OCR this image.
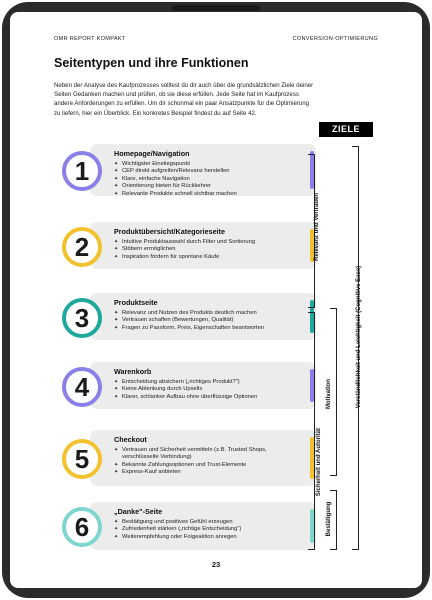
OMR REPORT KOMPAKT	CONVERSION-OPTIMIERUNG
Seitentypen und ihre Funktionen
Neben der Analyse des Kaufprozesses solltest du dir auch über die grundsätzlichen Ziele deiner Seiten Gedanken machen und prüfen, ob sie diese erfüllen. Jede Seite hat im Kaufprozess andere Anforderungen zu erfüllen. Um dir schonmal ein paar Ansatzpunkte für die Optimierung zu liefern, hier ein Überblick. Ein konkretes Beispiel findest du auf Seite 42.
ZIELE
1
Homepage/Navigation
✦ Wichtigster Einstiegspunkt
✦ CEP direkt aufgreifen/Relevanz herstellen
✦ Klare, einfache Navigation
✦ Orientierung bieten für Rückkehrer
✦ Relevante Produkte schnell sichtbar machen
2	Produktübersicht/Kategorieseite
✦ Intuitive Produktauswahl durch Filter und Sortierung
✦ Stöbern ermöglichen
✦ Inspiration fördern für spontane Käufe
3	Produktseite
✦ Relevanz und Nutzen des Produkts deutlich machen
✦ Vertrauen schaffen (Bewertungen, Qualität)
✦ Fragen zu Passform, Preis, Eigenschaften beantworten
4	Warenkorb
✦ Entscheidung absichern („richtiges Produkt?")
✦ Keine Ablenkung durch Upsells
✦ Klarer, schlanker Aufbau ohne überflüssige Optionen
5
Checkout
✦ Vertrauen und Sicherheit vermitteln (z.B. Trusted Shops,
verschlüsselte Verbindung)
✦ Bekannte Zahlungsoptionen und Trust-Elemente
✦ Express-Kauf anbieten
6
„Danke"-Seite
✦ Bestätigung und positives Gefühl erzeugen
✦ Zufriedenheit stärken („richtige Entscheidung")
✦ Weiterempfehlung oder Folgeaktion anregen
Relevanz und Vertrauen
Sicherheit und Autorität
Motivation
Bestätigung
Verständlichkeit und Leichtigkeit (Cognitive Ease)
23
